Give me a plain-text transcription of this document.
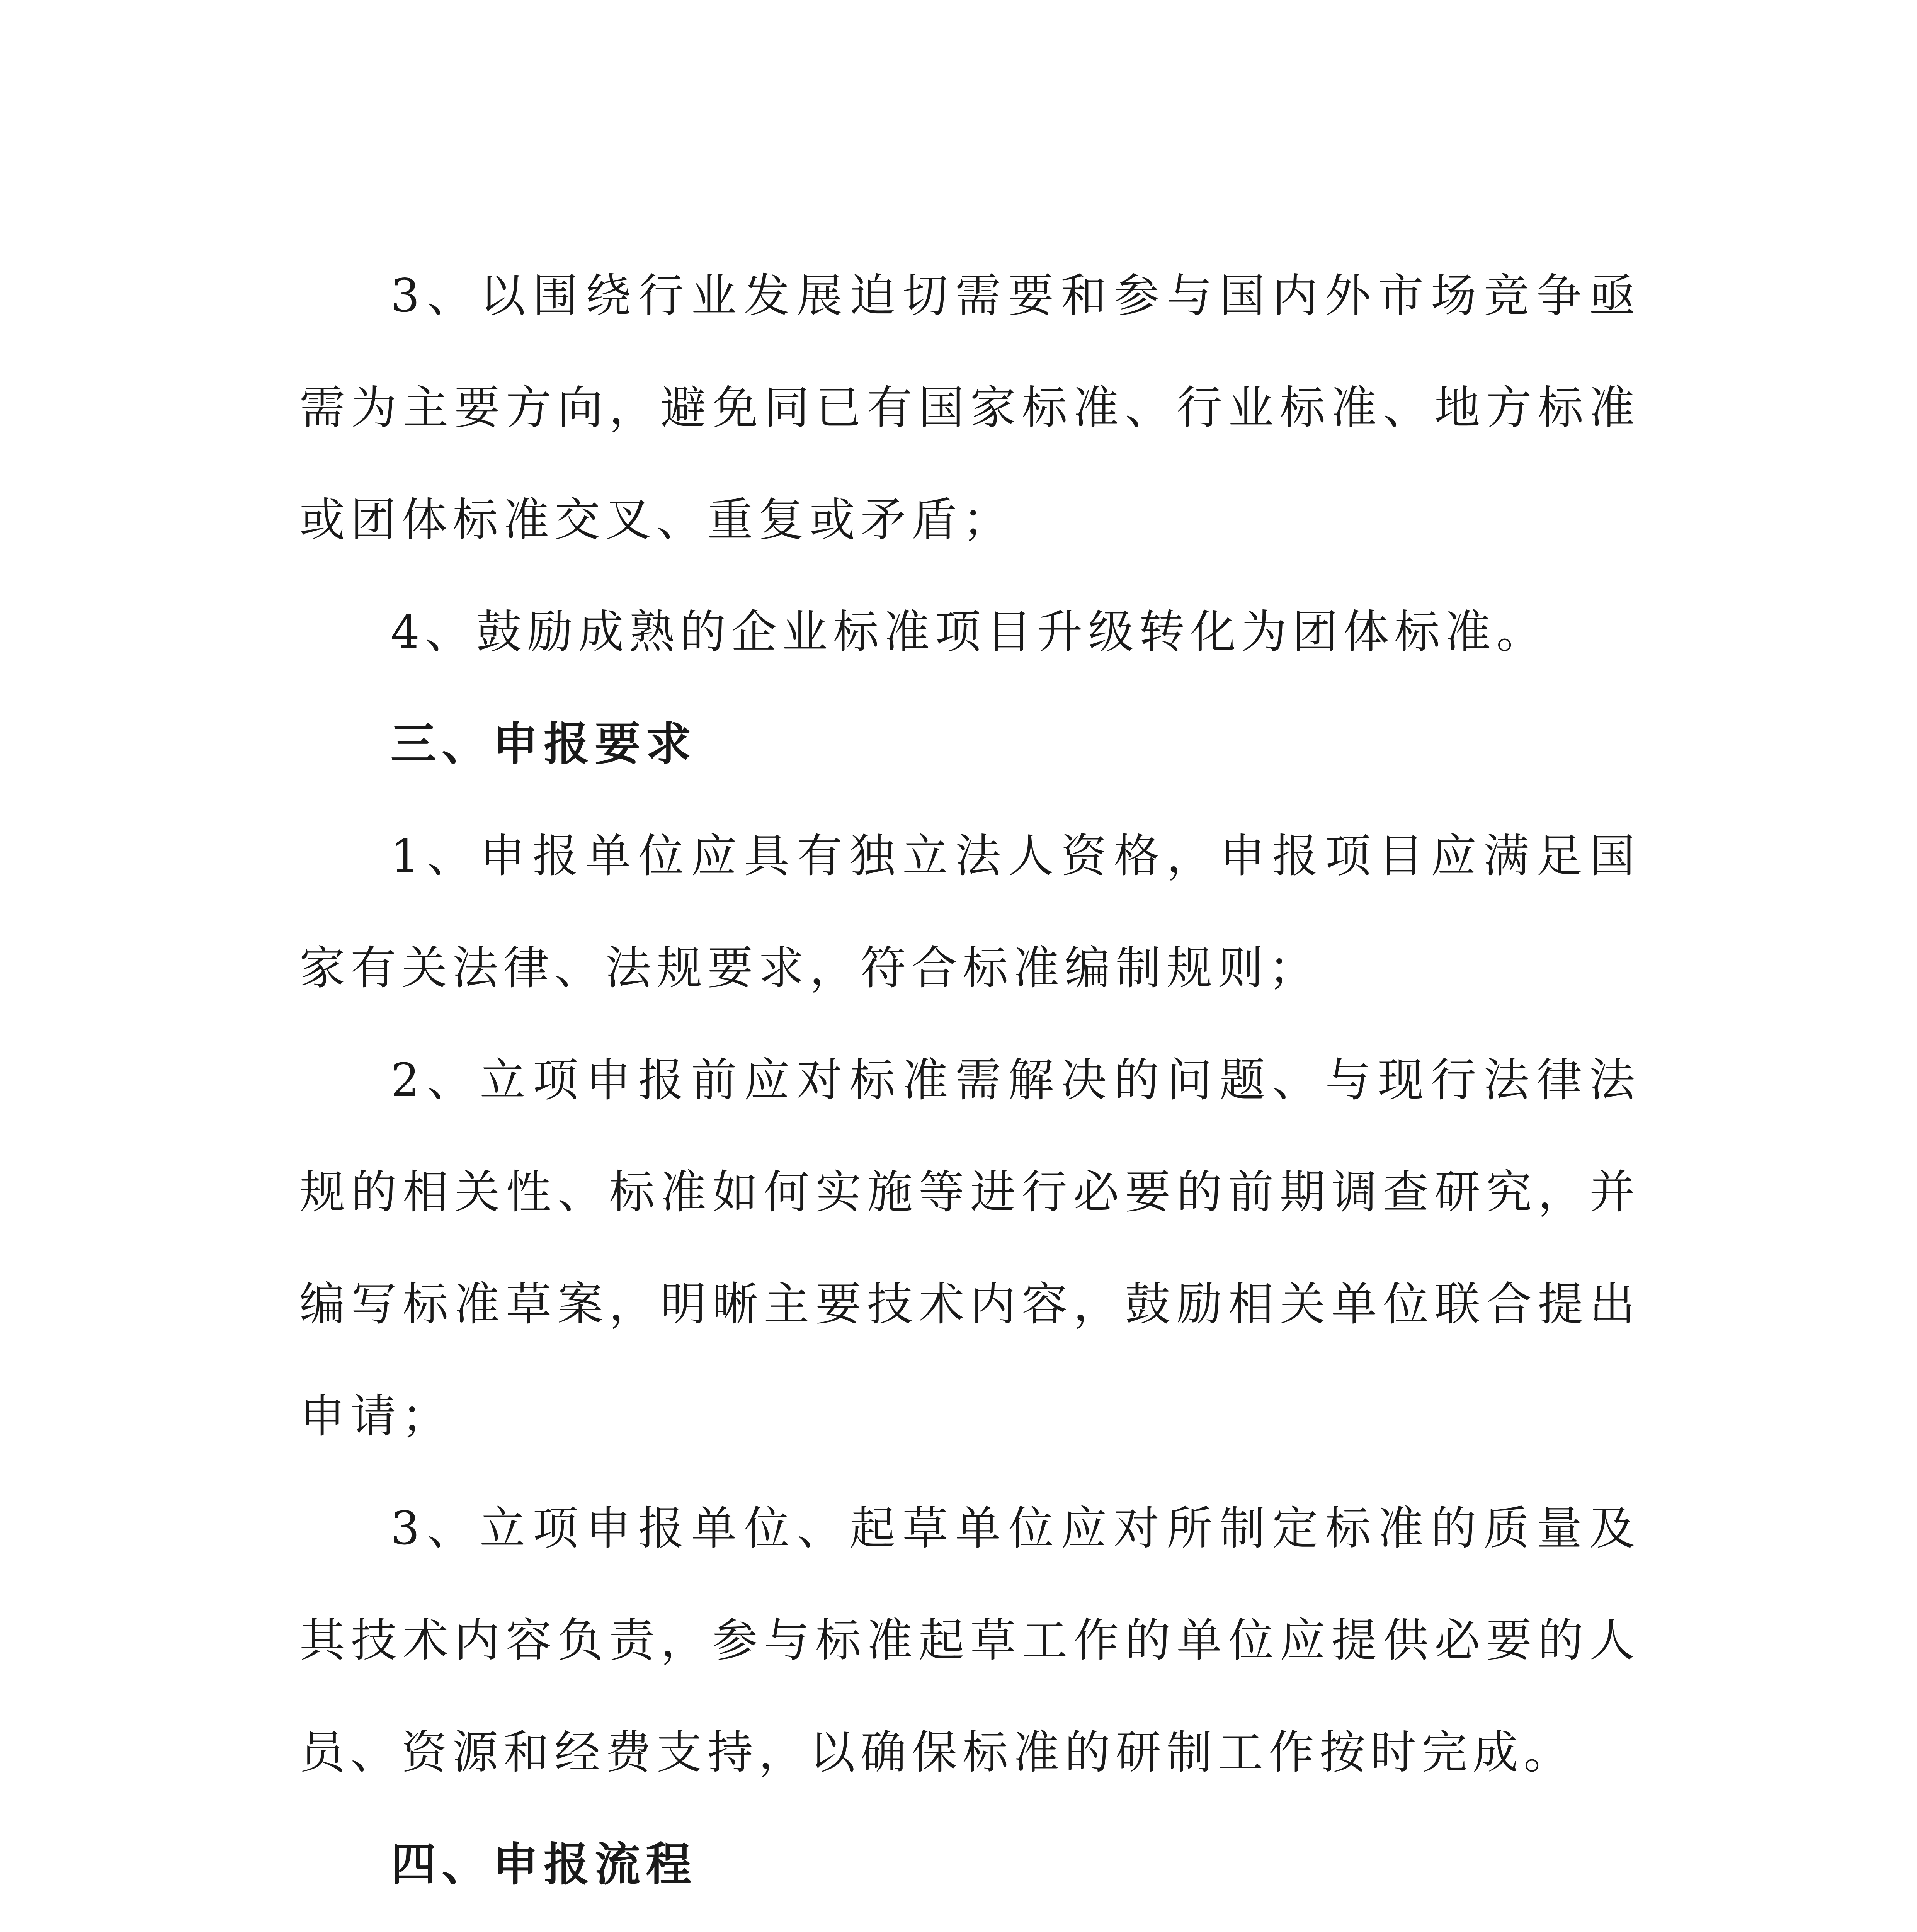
3、以围绕行业发展迫切需要和参与国内外市场竞争亟需为主要方向，避免同已有国家标准、行业标准、地方标准或团体标准交叉、重复或矛盾；

4、鼓励成熟的企业标准项目升级转化为团体标准。

三、申报要求

1、申报单位应具有独立法人资格，申报项目应满足国家有关法律、法规要求，符合标准编制规则；

2、立项申报前应对标准需解决的问题、与现行法律法规的相关性、标准如何实施等进行必要的前期调查研究，并编写标准草案，明晰主要技术内容，鼓励相关单位联合提出申请；

3、立项申报单位、起草单位应对所制定标准的质量及其技术内容负责，参与标准起草工作的单位应提供必要的人员、资源和经费支持，以确保标准的研制工作按时完成。

四、申报流程
